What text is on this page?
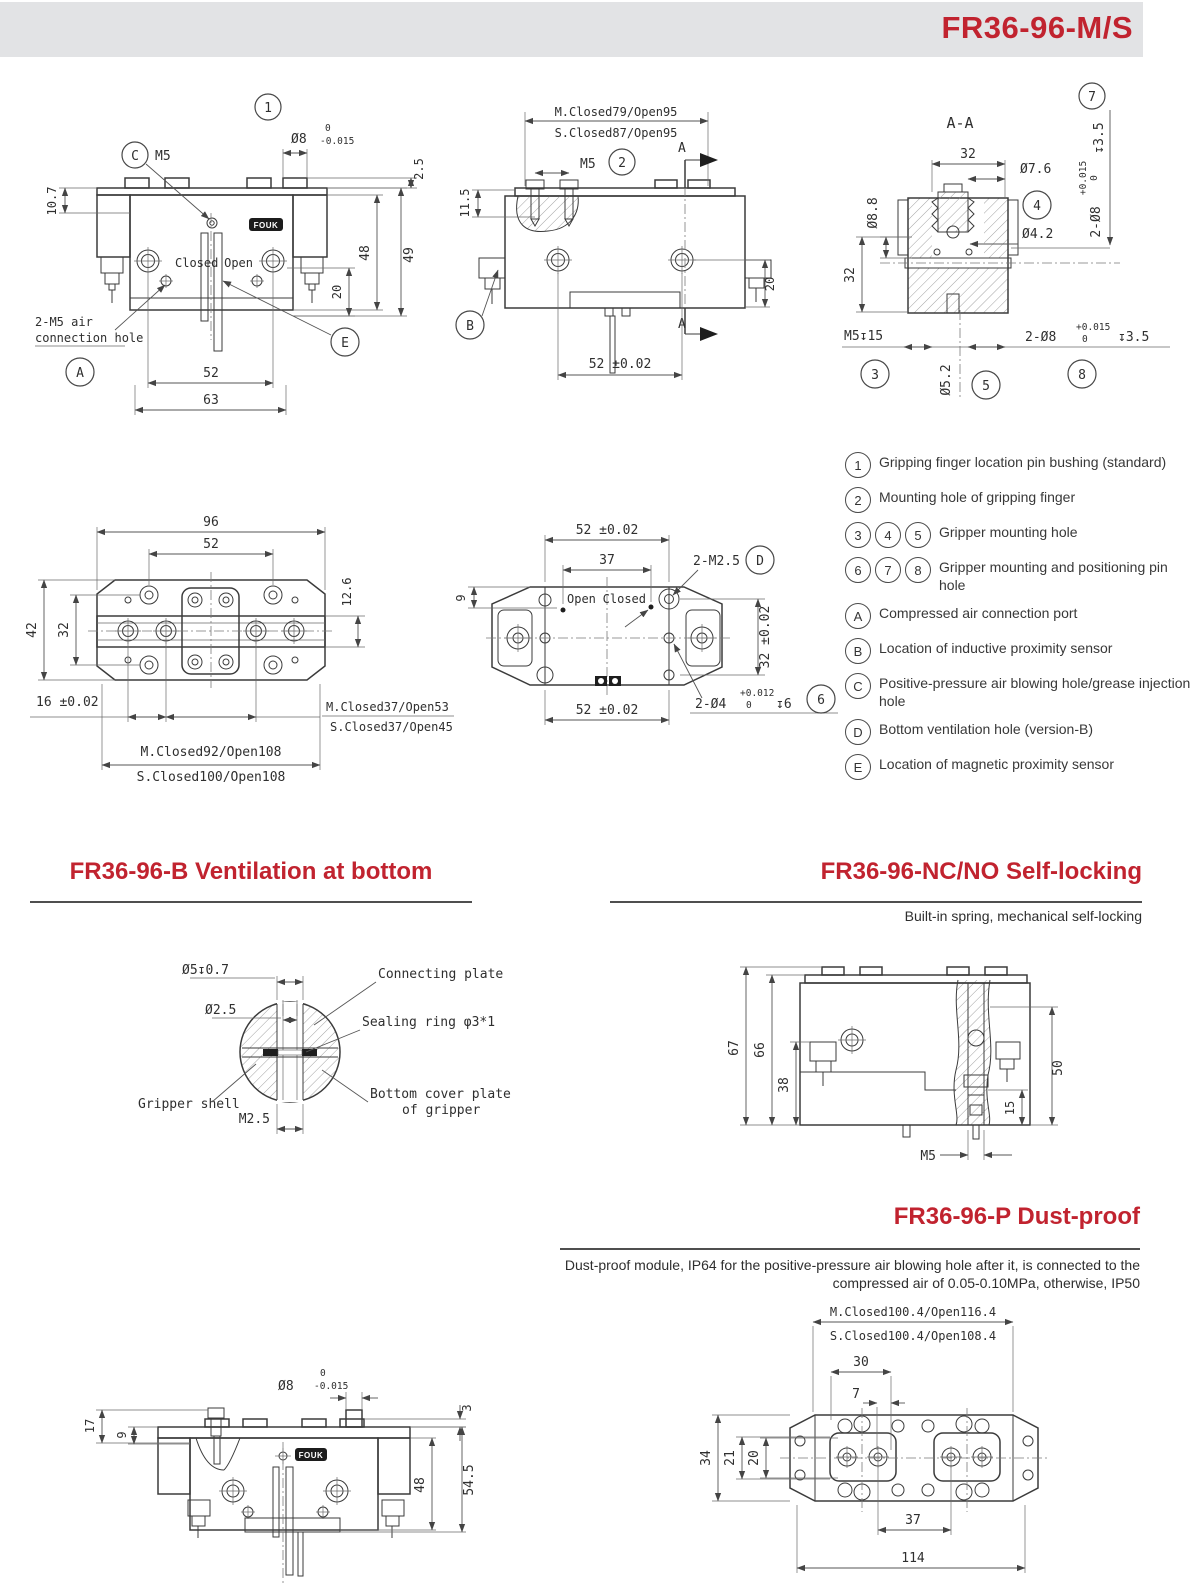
FR36-96-M/S
FOUK
52
63
1
Ø8
0
-0.015
2.5
48 49
20
10.7
C M5
Closed Open
2-M5 air
connection hole
A
E
M.Closed79/Open95
S.Closed87/Open95
11.5
M5 2
A
A
B
20
52 ±0.02
A-A
32
Ø7.6
4
Ø4.2
Ø8.8
32
7
↧3.5
+0.015 0
2-Ø8
M5↧15
3	Ø5.2 5
2-Ø8
+0.015
0 ↧3.5
8
96
52
42 32
12.6
16 ±0.02	M.Closed37/Open53
S.Closed37/Open45
M.Closed92/Open108
S.Closed100/Open108
52 ±0.02
37
9	Open Closed
2-M2.5 D
32 ±0.02
52 ±0.02	2-Ø4
+0.012
0 ↧6 6
1	Gripping finger location pin bushing (standard)
2	Mounting hole of gripping finger
3	4	5	Gripper mounting hole
6	7	8	Gripper mounting and positioning pin hole
A	Compressed air connection port
B	Location of inductive proximity sensor
C	Positive-pressure air blowing hole/grease injection hole
D	Bottom ventilation hole (version-B)
E	Location of magnetic proximity sensor
FR36-96-B Ventilation at bottom	FR36-96-NC/NO Self-locking
Built-in spring, mechanical self-locking
Ø5↧0.7
Ø2.5
Connecting plate
Sealing ring φ3*1
Gripper shell
M2.5
Bottom cover plate
of gripper
67 66
38
50
15
M5
FR36-96-P Dust-proof
Dust-proof module, IP64 for the positive-pressure air blowing hole after it, is connected to the compressed air of 0.05-0.10MPa, otherwise, IP50
FOUK
17
9
Ø8
0
-0.015
3
48	54.5
M.Closed100.4/Open116.4
S.Closed100.4/Open108.4
30
7
34 21 20
37
114
